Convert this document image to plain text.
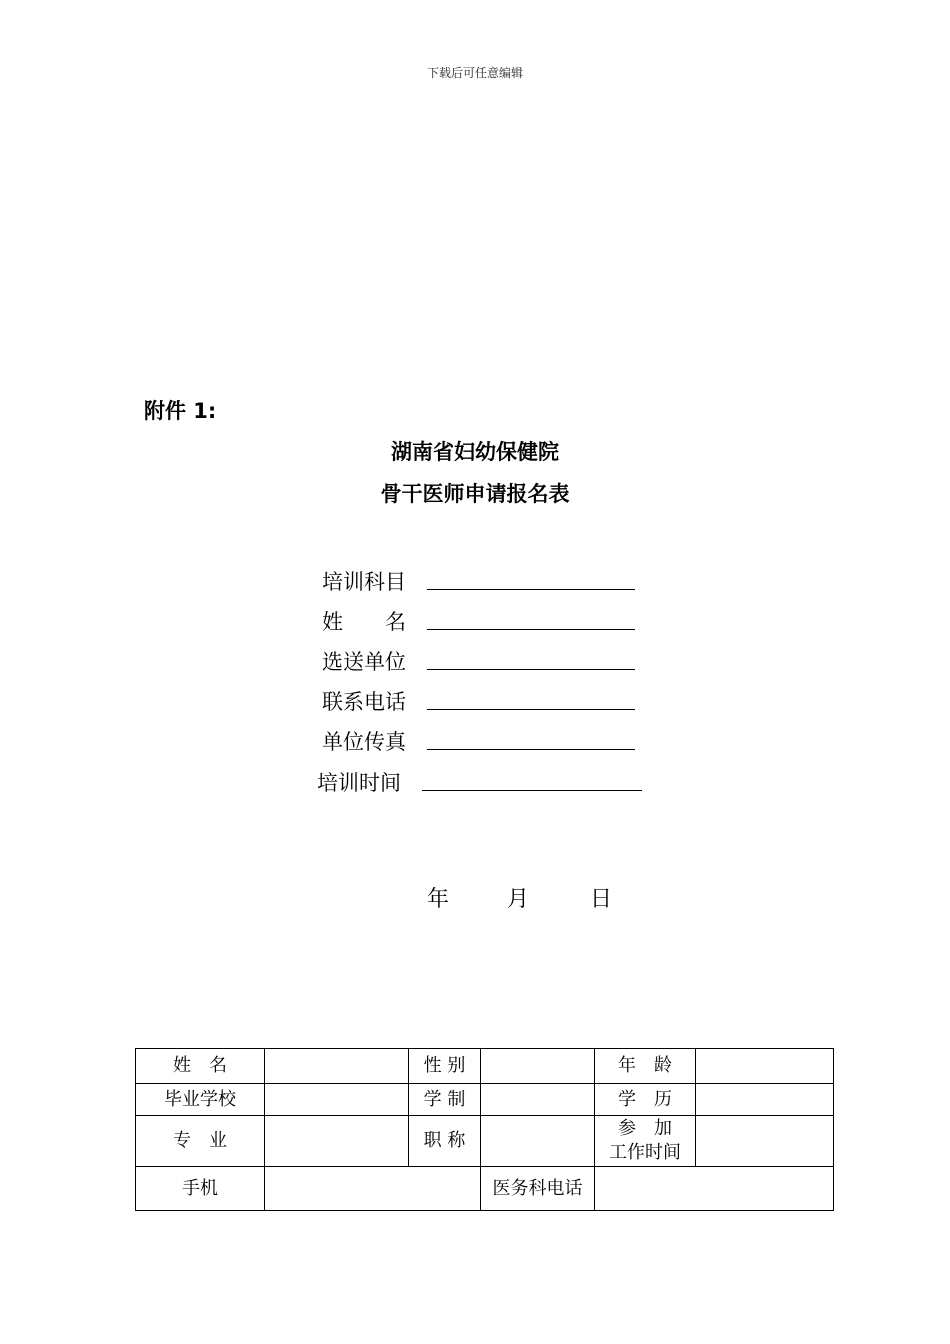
下载后可任意编辑
附件 1:
湖南省妇幼保健院
骨干医师申请报名表
培训科目
姓　　名
选送单位
联系电话
单位传真
培训时间
年	月	日
姓　名		性 别		年　龄	
毕业学校		学 制		学　历	
专　业		职 称		参　加
工作时间	

手机			医务科电话		
